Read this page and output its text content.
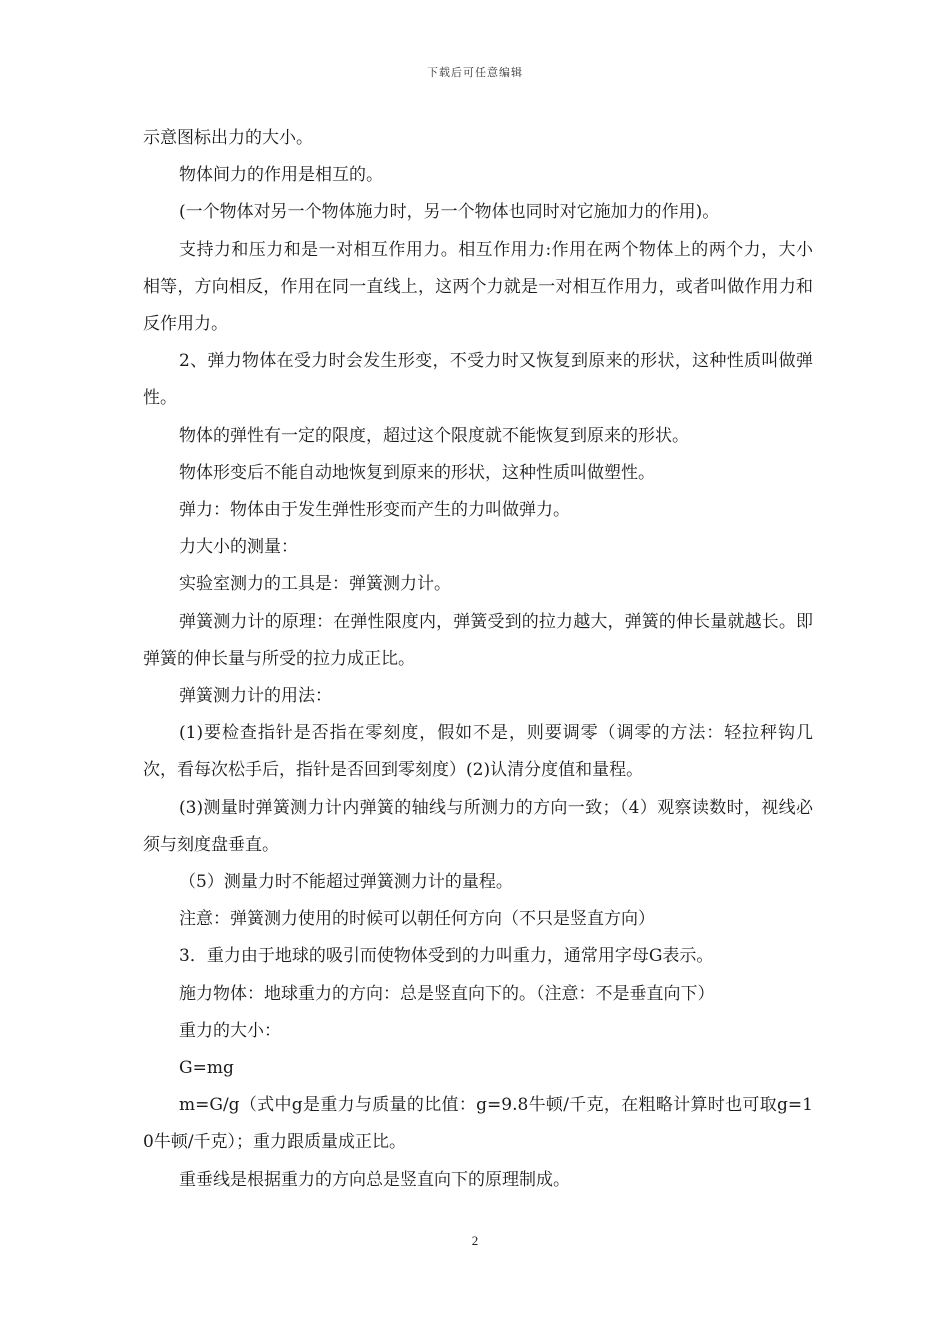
下载后可任意编辑

示意图标出力的大小。

物体间力的作用是相互的。

(一个物体对另一个物体施力时，另一个物体也同时对它施加力的作用)。

支持力和压力和是一对相互作用力。相互作用力:作用在两个物体上的两个力，大小相等，方向相反，作用在同一直线上，这两个力就是一对相互作用力，或者叫做作用力和反作用力。

2、弹力物体在受力时会发生形变，不受力时又恢复到原来的形状，这种性质叫做弹性。

物体的弹性有一定的限度，超过这个限度就不能恢复到原来的形状。

物体形变后不能自动地恢复到原来的形状，这种性质叫做塑性。

弹力：物体由于发生弹性形变而产生的力叫做弹力。

力大小的测量：

实验室测力的工具是：弹簧测力计。

弹簧测力计的原理：在弹性限度内，弹簧受到的拉力越大，弹簧的伸长量就越长。即弹簧的伸长量与所受的拉力成正比。

弹簧测力计的用法：

(1)要检查指针是否指在零刻度，假如不是，则要调零（调零的方法：轻拉秤钩几次，看每次松手后，指针是否回到零刻度）(2)认清分度值和量程。

(3)测量时弹簧测力计内弹簧的轴线与所测力的方向一致；（4）观察读数时，视线必须与刻度盘垂直。

（5）测量力时不能超过弹簧测力计的量程。

注意：弹簧测力使用的时候可以朝任何方向（不只是竖直方向）

3．重力由于地球的吸引而使物体受到的力叫重力，通常用字母G表示。

施力物体：地球重力的方向：总是竖直向下的。（注意：不是垂直向下）

重力的大小：

G=mg

m=G/g（式中g是重力与质量的比值：g=9.8牛顿/千克，在粗略计算时也可取g=10牛顿/千克）；重力跟质量成正比。

重垂线是根据重力的方向总是竖直向下的原理制成。

2
